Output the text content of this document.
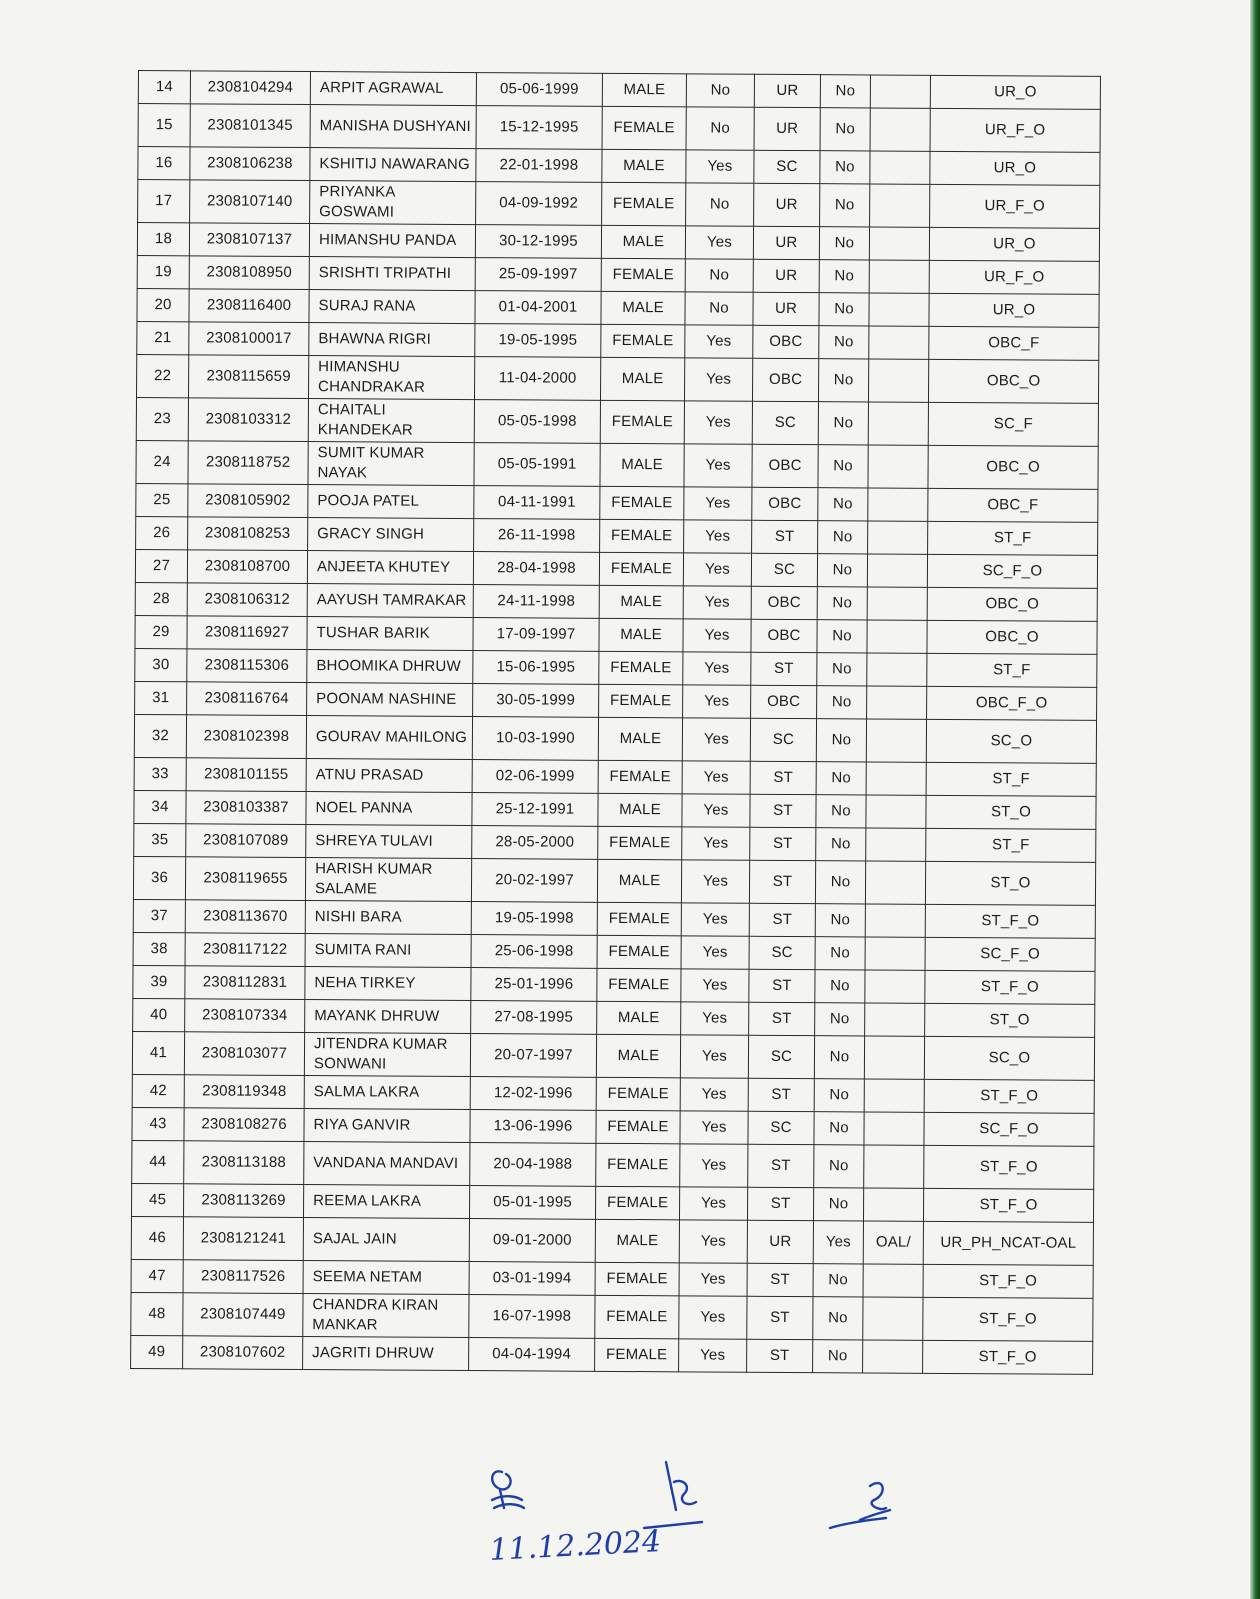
14	2308104294	ARPIT AGRAWAL	05-06-1999	MALE	No	UR	No		UR_O
15	2308101345	MANISHA DUSHYANI	15-12-1995	FEMALE	No	UR	No		UR_F_O
16	2308106238	KSHITIJ NAWARANG	22-01-1998	MALE	Yes	SC	No		UR_O
17	2308107140	PRIYANKA GOSWAMI	04-09-1992	FEMALE	No	UR	No		UR_F_O
18	2308107137	HIMANSHU PANDA	30-12-1995	MALE	Yes	UR	No		UR_O
19	2308108950	SRISHTI TRIPATHI	25-09-1997	FEMALE	No	UR	No		UR_F_O
20	2308116400	SURAJ RANA	01-04-2001	MALE	No	UR	No		UR_O
21	2308100017	BHAWNA RIGRI	19-05-1995	FEMALE	Yes	OBC	No		OBC_F
22	2308115659	HIMANSHU CHANDRAKAR	11-04-2000	MALE	Yes	OBC	No		OBC_O
23	2308103312	CHAITALI KHANDEKAR	05-05-1998	FEMALE	Yes	SC	No		SC_F
24	2308118752	SUMIT KUMAR NAYAK	05-05-1991	MALE	Yes	OBC	No		OBC_O
25	2308105902	POOJA PATEL	04-11-1991	FEMALE	Yes	OBC	No		OBC_F
26	2308108253	GRACY SINGH	26-11-1998	FEMALE	Yes	ST	No		ST_F
27	2308108700	ANJEETA KHUTEY	28-04-1998	FEMALE	Yes	SC	No		SC_F_O
28	2308106312	AAYUSH TAMRAKAR	24-11-1998	MALE	Yes	OBC	No		OBC_O
29	2308116927	TUSHAR BARIK	17-09-1997	MALE	Yes	OBC	No		OBC_O
30	2308115306	BHOOMIKA DHRUW	15-06-1995	FEMALE	Yes	ST	No		ST_F
31	2308116764	POONAM NASHINE	30-05-1999	FEMALE	Yes	OBC	No		OBC_F_O
32	2308102398	GOURAV MAHILONG	10-03-1990	MALE	Yes	SC	No		SC_O
33	2308101155	ATNU PRASAD	02-06-1999	FEMALE	Yes	ST	No		ST_F
34	2308103387	NOEL PANNA	25-12-1991	MALE	Yes	ST	No		ST_O
35	2308107089	SHREYA TULAVI	28-05-2000	FEMALE	Yes	ST	No		ST_F
36	2308119655	HARISH KUMAR SALAME	20-02-1997	MALE	Yes	ST	No		ST_O
37	2308113670	NISHI BARA	19-05-1998	FEMALE	Yes	ST	No		ST_F_O
38	2308117122	SUMITA RANI	25-06-1998	FEMALE	Yes	SC	No		SC_F_O
39	2308112831	NEHA TIRKEY	25-01-1996	FEMALE	Yes	ST	No		ST_F_O
40	2308107334	MAYANK DHRUW	27-08-1995	MALE	Yes	ST	No		ST_O
41	2308103077	JITENDRA KUMAR SONWANI	20-07-1997	MALE	Yes	SC	No		SC_O
42	2308119348	SALMA LAKRA	12-02-1996	FEMALE	Yes	ST	No		ST_F_O
43	2308108276	RIYA GANVIR	13-06-1996	FEMALE	Yes	SC	No		SC_F_O
44	2308113188	VANDANA MANDAVI	20-04-1988	FEMALE	Yes	ST	No		ST_F_O
45	2308113269	REEMA LAKRA	05-01-1995	FEMALE	Yes	ST	No		ST_F_O
46	2308121241	SAJAL JAIN	09-01-2000	MALE	Yes	UR	Yes	OAL/	UR_PH_NCAT-OAL
47	2308117526	SEEMA NETAM	03-01-1994	FEMALE	Yes	ST	No		ST_F_O
48	2308107449	CHANDRA KIRAN MANKAR	16-07-1998	FEMALE	Yes	ST	No		ST_F_O
49	2308107602	JAGRITI DHRUW	04-04-1994	FEMALE	Yes	ST	No		ST_F_O
11.12.2024
